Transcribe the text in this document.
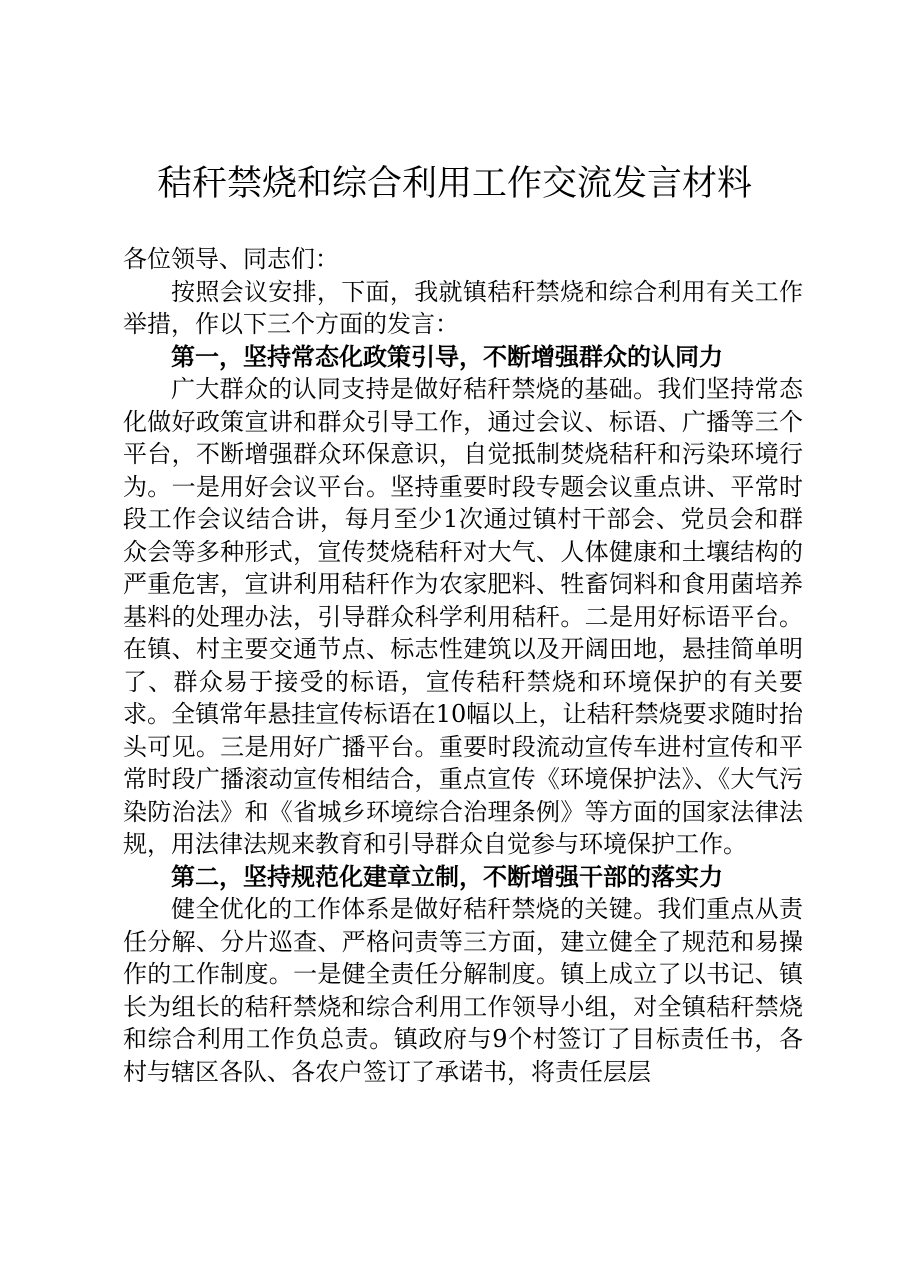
秸秆禁烧和综合利用工作交流发言材料

各位领导、同志们：

按照会议安排，下面，我就镇秸秆禁烧和综合利用有关工作举措，作以下三个方面的发言：

第一，坚持常态化政策引导，不断增强群众的认同力

广大群众的认同支持是做好秸秆禁烧的基础。我们坚持常态化做好政策宣讲和群众引导工作，通过会议、标语、广播等三个平台，不断增强群众环保意识，自觉抵制焚烧秸秆和污染环境行为。一是用好会议平台。坚持重要时段专题会议重点讲、平常时段工作会议结合讲，每月至少1次通过镇村干部会、党员会和群众会等多种形式，宣传焚烧秸秆对大气、人体健康和土壤结构的严重危害，宣讲利用秸秆作为农家肥料、牲畜饲料和食用菌培养基料的处理办法，引导群众科学利用秸秆。二是用好标语平台。在镇、村主要交通节点、标志性建筑以及开阔田地，悬挂简单明了、群众易于接受的标语，宣传秸秆禁烧和环境保护的有关要求。全镇常年悬挂宣传标语在10幅以上，让秸秆禁烧要求随时抬头可见。三是用好广播平台。重要时段流动宣传车进村宣传和平常时段广播滚动宣传相结合，重点宣传《环境保护法》、《大气污染防治法》和《省城乡环境综合治理条例》等方面的国家法律法规，用法律法规来教育和引导群众自觉参与环境保护工作。

第二，坚持规范化建章立制，不断增强干部的落实力

健全优化的工作体系是做好秸秆禁烧的关键。我们重点从责任分解、分片巡查、严格问责等三方面，建立健全了规范和易操作的工作制度。一是健全责任分解制度。镇上成立了以书记、镇长为组长的秸秆禁烧和综合利用工作领导小组，对全镇秸秆禁烧和综合利用工作负总责。镇政府与9个村签订了目标责任书，各村与辖区各队、各农户签订了承诺书，将责任层层
